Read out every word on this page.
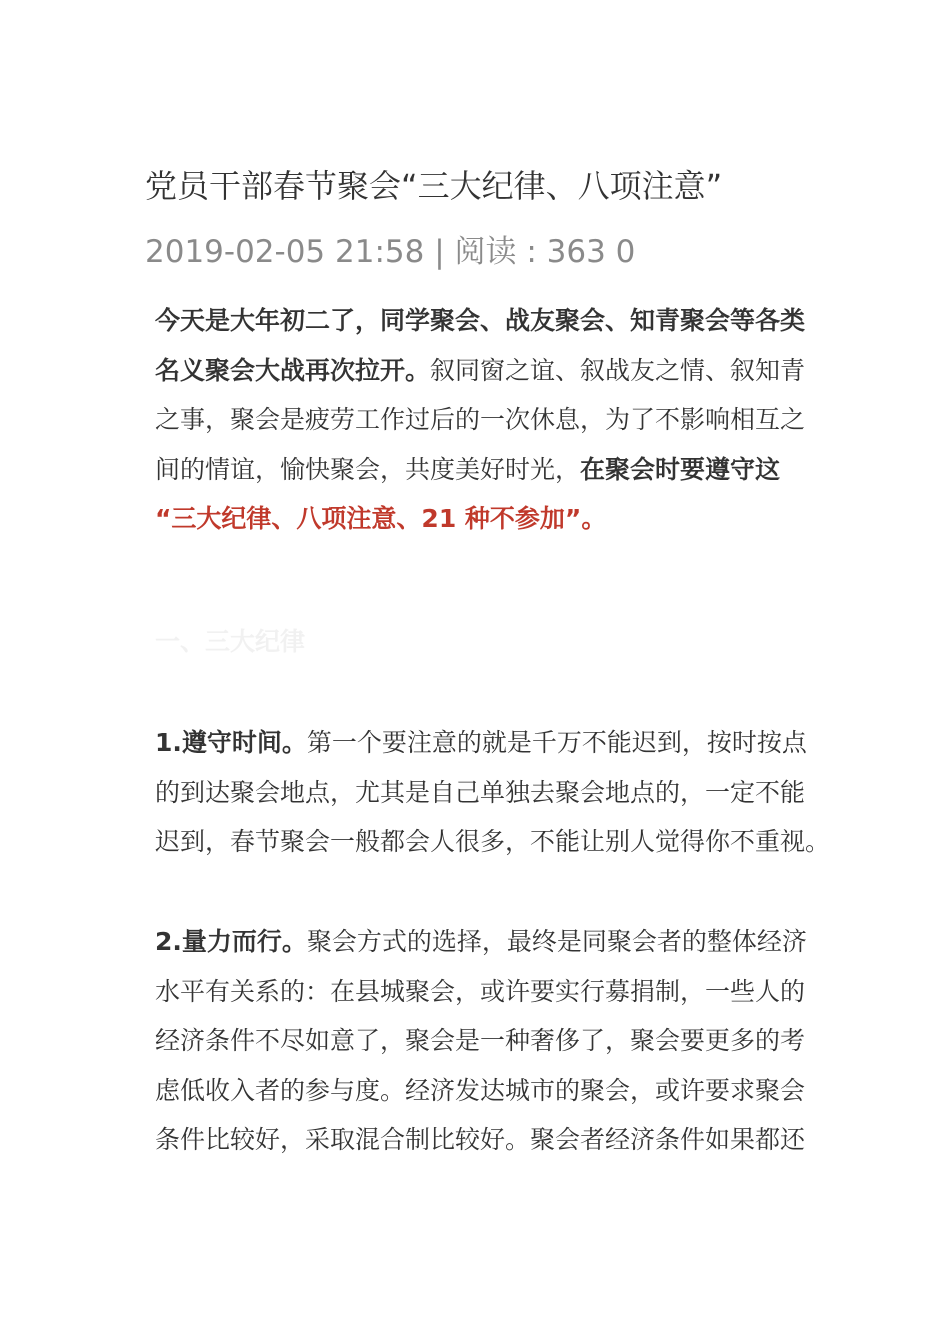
党员干部春节聚会“三大纪律、八项注意”
2019-02-05 21:58 | 阅读 : 363 0
今天是大年初二了，同学聚会、战友聚会、知青聚会等各类
名义聚会大战再次拉开。叙同窗之谊、叙战友之情、叙知青
之事，聚会是疲劳工作过后的一次休息，为了不影响相互之
间的情谊，愉快聚会，共度美好时光，在聚会时要遵守这
“三大纪律、八项注意、21 种不参加”。
一、三大纪律
1.遵守时间。第一个要注意的就是千万不能迟到，按时按点
的到达聚会地点，尤其是自己单独去聚会地点的，一定不能
迟到，春节聚会一般都会人很多，不能让别人觉得你不重视。
2.量力而行。聚会方式的选择，最终是同聚会者的整体经济
水平有关系的：在县城聚会，或许要实行募捐制，一些人的
经济条件不尽如意了，聚会是一种奢侈了，聚会要更多的考
虑低收入者的参与度。经济发达城市的聚会，或许要求聚会
条件比较好，采取混合制比较好。聚会者经济条件如果都还
